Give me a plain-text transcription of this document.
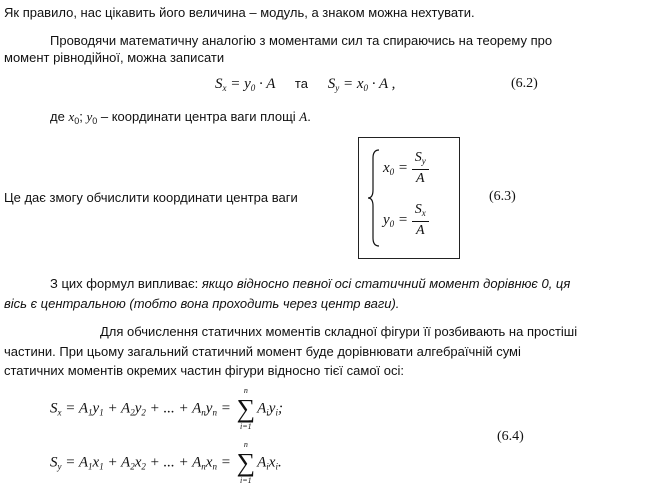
Як правило, нас цікавить його величина – модуль, а знаком можна нехтувати.
Проводячи математичну аналогію з моментами сил та спираючись на теорему про
момент рівнодійної, можна записати
$S_x = y_0 \cdot A$ та $S_y = x_0 \cdot A$ ,	(6.2)
де $x_0$; $y_0$ – координати центра ваги площі A.
Це дає змогу обчислити координати центра ваги
$x_0 = \frac{S_y}{A}$
$y_0 = \frac{S_x}{A}$
(6.3)
З цих формул випливає: якщо відносно певної осі статичний момент дорівнює 0, ця
вісь є центральною (тобто вона проходить через центр ваги).
Для обчислення статичних моментів складної фігури її розбивають на простіші
частини. При цьому загальний статичний момент буде дорівнювати алгебраїчній сумі
статичних моментів окремих частин фігури відносно тієї самої осі:
$S_x = A_1y_1 + A_2y_2$ + ... + $A_ny_n$ =
n
∑
i=1
$A_iy_i$;
(6.4)
$S_y = A_1x_1 + A_2x_2$ + ... + $A_nx_n$ =
n
∑
i=1
$A_ix_i$.
